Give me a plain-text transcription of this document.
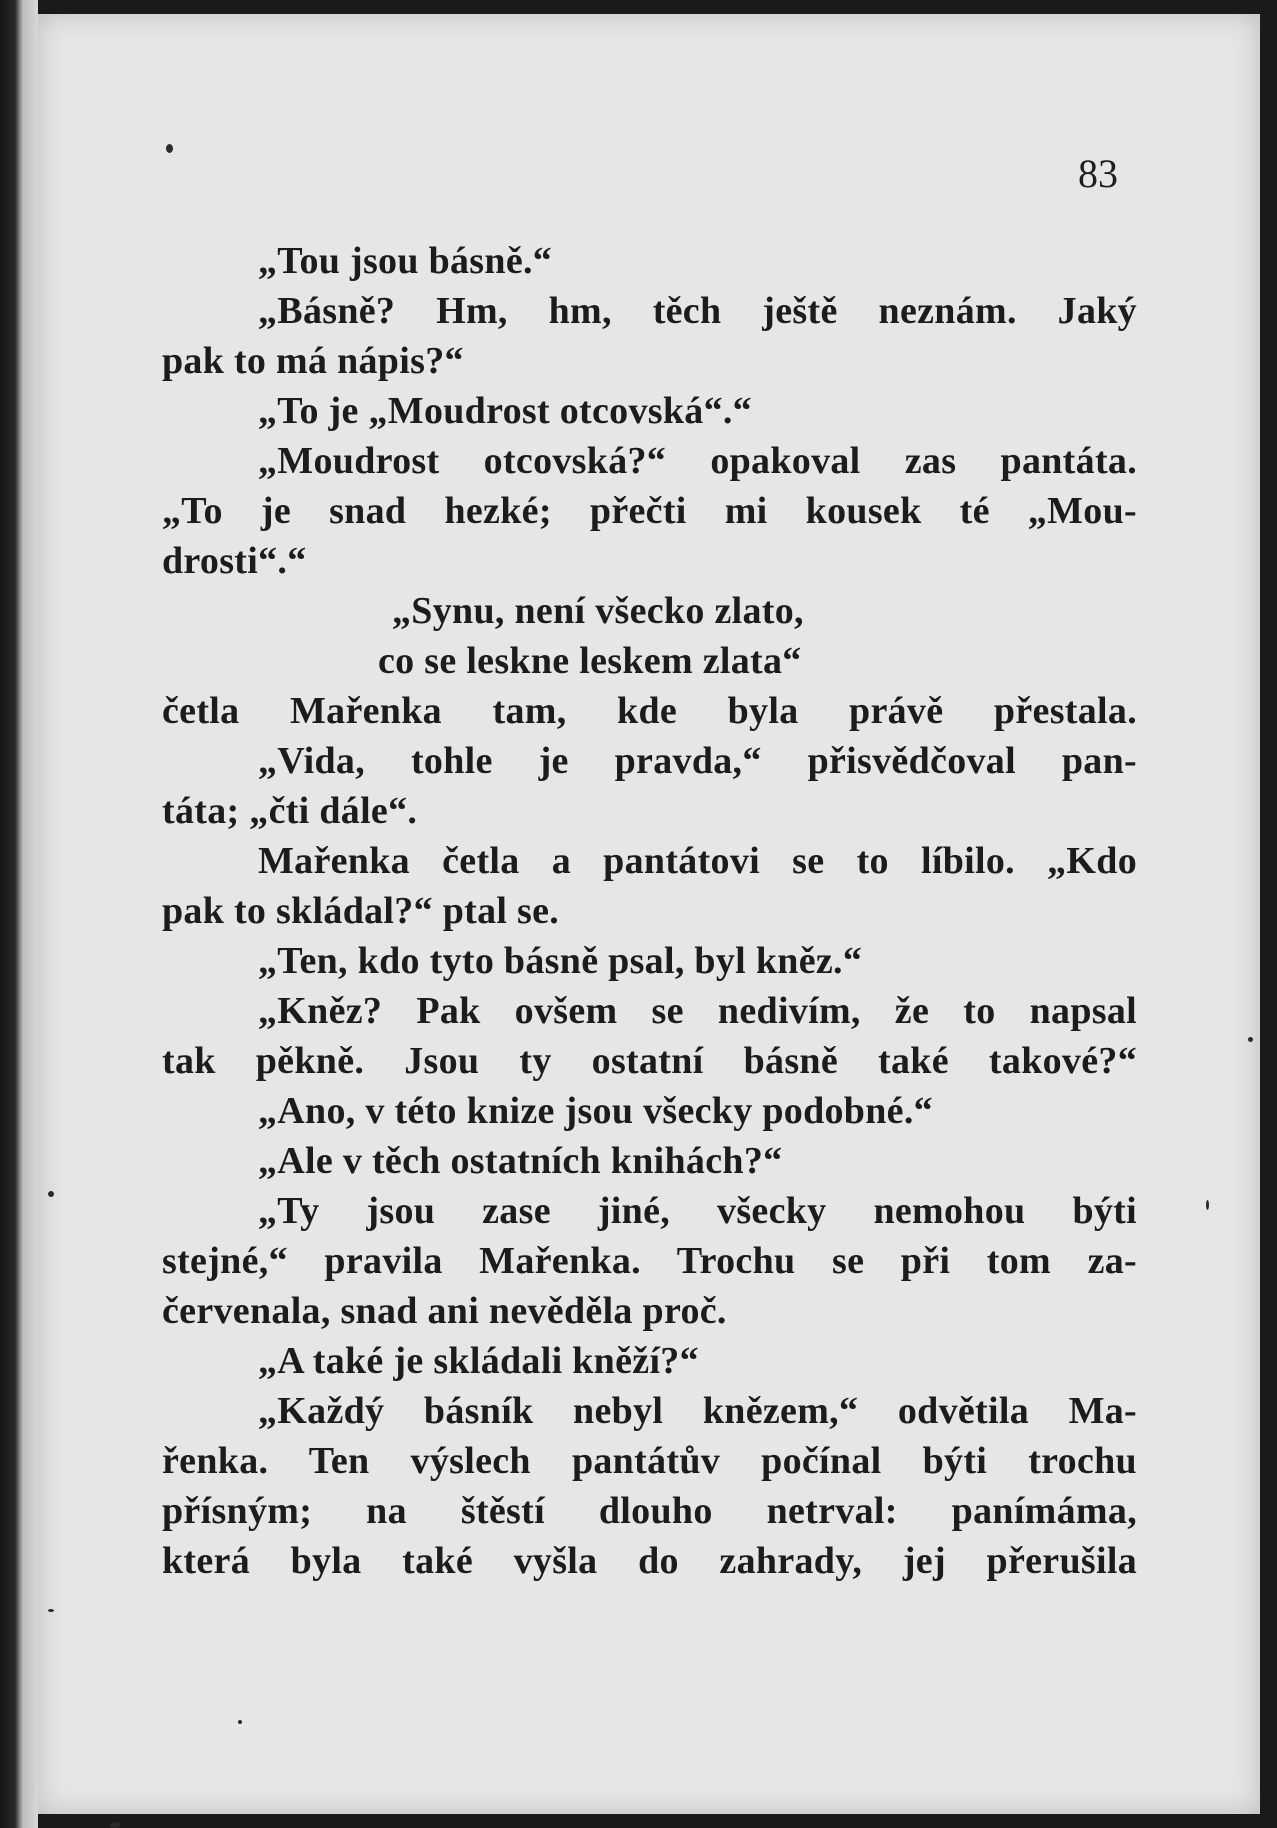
83
„Tou jsou básně.“
„Básně? Hm, hm, těch ještě neznám. Jaký
pak to má nápis?“
„To je „Moudrost otcovská“.“
„Moudrost otcovská?“ opakoval zas pantáta.
„To je snad hezké; přečti mi kousek té „Mou-
drosti“.“
„Synu, není všecko zlato,
co se leskne leskem zlata“
četla Mařenka tam, kde byla právě přestala.
„Vida, tohle je pravda,“ přisvědčoval pan-
táta; „čti dále“.
Mařenka četla a pantátovi se to líbilo. „Kdo
pak to skládal?“ ptal se.
„Ten, kdo tyto básně psal, byl kněz.“
„Kněz? Pak ovšem se nedivím, že to napsal
tak pěkně. Jsou ty ostatní básně také takové?“
„Ano, v této knize jsou všecky podobné.“
„Ale v těch ostatních knihách?“
„Ty jsou zase jiné, všecky nemohou býti
stejné,“ pravila Mařenka. Trochu se při tom za-
červenala, snad ani nevěděla proč.
„A také je skládali kněží?“
„Každý básník nebyl knězem,“ odvětila Ma-
řenka. Ten výslech pantátův počínal býti trochu
přísným; na štěstí dlouho netrval: panímáma,
která byla také vyšla do zahrady, jej přerušila
